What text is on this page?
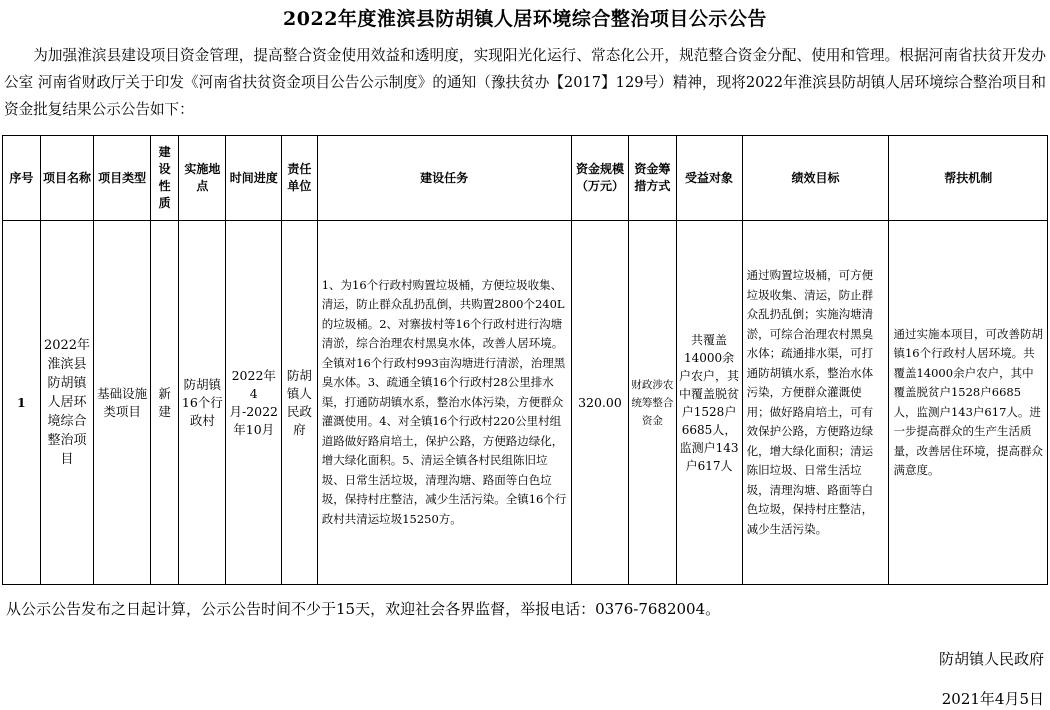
2022年度淮滨县防胡镇人居环境综合整治项目公示公告
为加强淮滨县建设项目资金管理，提高整合资金使用效益和透明度，实现阳光化运行、常态化公开，规范整合资金分配、使用和管理。根据河南省扶贫开发办公室 河南省财政厅关于印发《河南省扶贫资金项目公告公示制度》的通知（豫扶贫办【2017】129号）精神，现将2022年淮滨县防胡镇人居环境综合整治项目和资金批复结果公示公告如下：
序号	项目名称	项目类型	建设性质	实施地点	时间进度	责任单位	建设任务	资金规模（万元）	资金筹措方式	受益对象	绩效目标	帮扶机制
1	2022年淮滨县防胡镇人居环境综合整治项目	基础设施类项目	新建	防胡镇16个行政村	2022年4月-2022年10月	防胡镇人民政府	1、为16个行政村购置垃圾桶，方便垃圾收集、清运，防止群众乱扔乱倒，共购置2800个240L的垃圾桶。2、对寨拔村等16个行政村进行沟塘清淤，综合治理农村黑臭水体，改善人居环境。全镇对16个行政村993亩沟塘进行清淤，治理黑臭水体。3、疏通全镇16个行政村28公里排水渠，打通防胡镇水系，整治水体污染，方便群众灌溉使用。4、对全镇16个行政村220公里村组道路做好路肩培土，保护公路，方便路边绿化，增大绿化面积。5、清运全镇各村民组陈旧垃圾、日常生活垃圾，清理沟塘、路面等白色垃圾，保持村庄整洁，减少生活污染。全镇16个行政村共清运垃圾15250方。	320.00	财政涉农统筹整合资金	共覆盖14000余户农户，其中覆盖脱贫户1528户6685人，监测户143户617人	通过购置垃圾桶，可方便垃圾收集、清运，防止群众乱扔乱倒；实施沟塘清淤，可综合治理农村黑臭水体；疏通排水渠，可打通防胡镇水系，整治水体污染，方便群众灌溉使用；做好路肩培土，可有效保护公路，方便路边绿化，增大绿化面积；清运陈旧垃圾、日常生活垃圾，清理沟塘、路面等白色垃圾，保持村庄整洁，减少生活污染。	通过实施本项目，可改善防胡镇16个行政村人居环境。共覆盖14000余户农户，其中覆盖脱贫户1528户6685人，监测户143户617人。进一步提高群众的生产生活质量，改善居住环境，提高群众满意度。
从公示公告发布之日起计算，公示公告时间不少于15天，欢迎社会各界监督，举报电话：0376-7682004。
防胡镇人民政府
2021年4月5日
